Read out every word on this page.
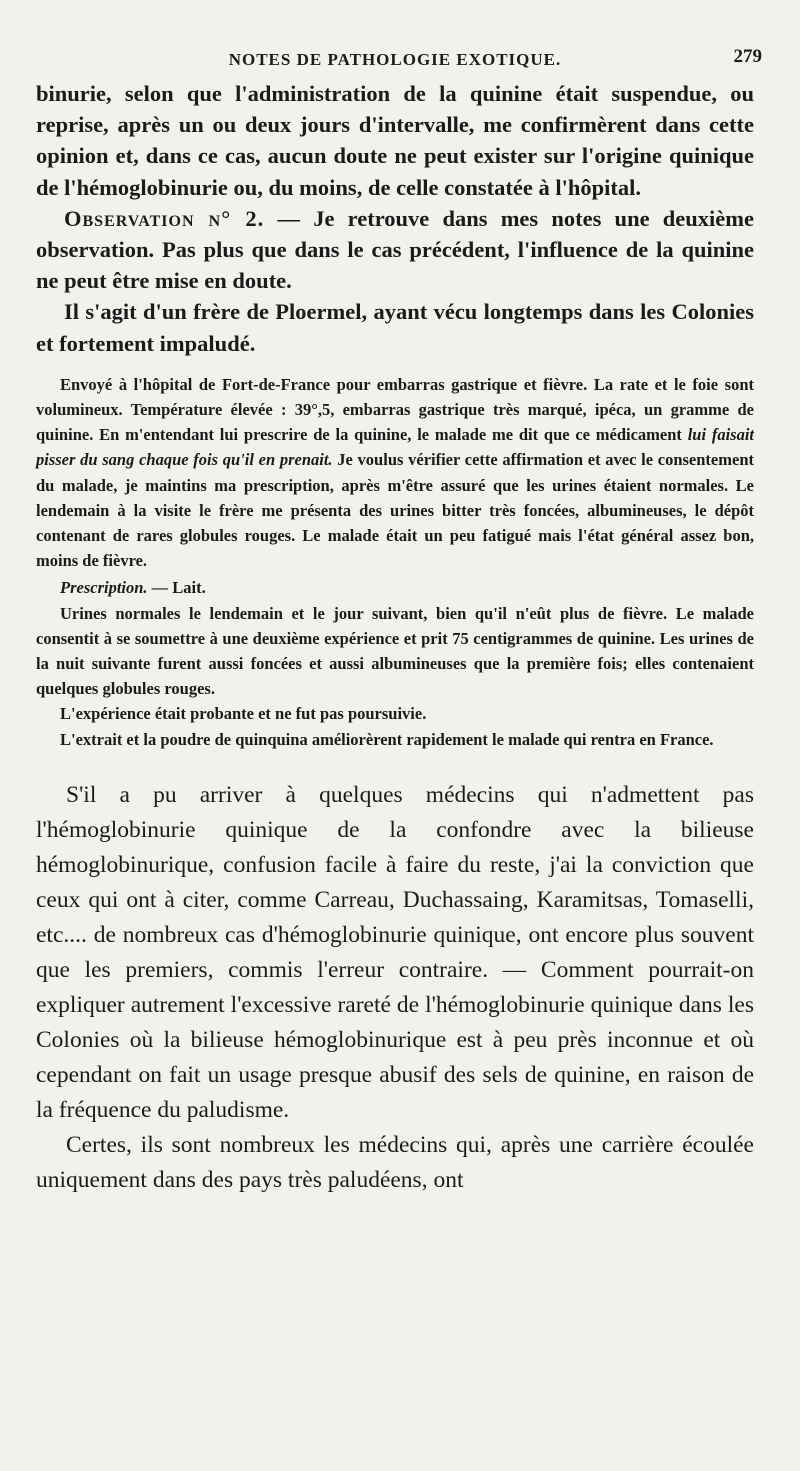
NOTES DE PATHOLOGIE EXOTIQUE.	279

binurie, selon que l'administration de la quinine était suspendue, ou reprise, après un ou deux jours d'intervalle, me confirmèrent dans cette opinion et, dans ce cas, aucun doute ne peut exister sur l'origine quinique de l'hémoglobinurie ou, du moins, de celle constatée à l'hôpital.

Observation n° 2. — Je retrouve dans mes notes une deuxième observation. Pas plus que dans le cas précédent, l'influence de la quinine ne peut être mise en doute.

Il s'agit d'un frère de Ploermel, ayant vécu longtemps dans les Colonies et fortement impaludé.

Envoyé à l'hôpital de Fort-de-France pour embarras gastrique et fièvre. La rate et le foie sont volumineux. Température élevée : 39°,5, embarras gastrique très marqué, ipéca, un gramme de quinine. En m'entendant lui prescrire de la quinine, le malade me dit que ce médicament lui faisait pisser du sang chaque fois qu'il en prenait. Je voulus vérifier cette affirmation et avec le consentement du malade, je maintins ma prescription, après m'être assuré que les urines étaient normales. Le lendemain à la visite le frère me présenta des urines bitter très foncées, albumineuses, le dépôt contenant de rares globules rouges. Le malade était un peu fatigué mais l'état général assez bon, moins de fièvre.

Prescription. — Lait.

Urines normales le lendemain et le jour suivant, bien qu'il n'eût plus de fièvre. Le malade consentit à se soumettre à une deuxième expérience et prit 75 centigrammes de quinine. Les urines de la nuit suivante furent aussi foncées et aussi albumineuses que la première fois; elles contenaient quelques globules rouges.

L'expérience était probante et ne fut pas poursuivie.

L'extrait et la poudre de quinquina améliorèrent rapidement le malade qui rentra en France.

S'il a pu arriver à quelques médecins qui n'admettent pas l'hémoglobinurie quinique de la confondre avec la bilieuse hémoglobinurique, confusion facile à faire du reste, j'ai la conviction que ceux qui ont à citer, comme Carreau, Duchassaing, Karamitsas, Tomaselli, etc.... de nombreux cas d'hémoglobinurie quinique, ont encore plus souvent que les premiers, commis l'erreur contraire. — Comment pourrait-on expliquer autrement l'excessive rareté de l'hémoglobinurie quinique dans les Colonies où la bilieuse hémoglobinurique est à peu près inconnue et où cependant on fait un usage presque abusif des sels de quinine, en raison de la fréquence du paludisme.

Certes, ils sont nombreux les médecins qui, après une carrière écoulée uniquement dans des pays très paludéens, ont
